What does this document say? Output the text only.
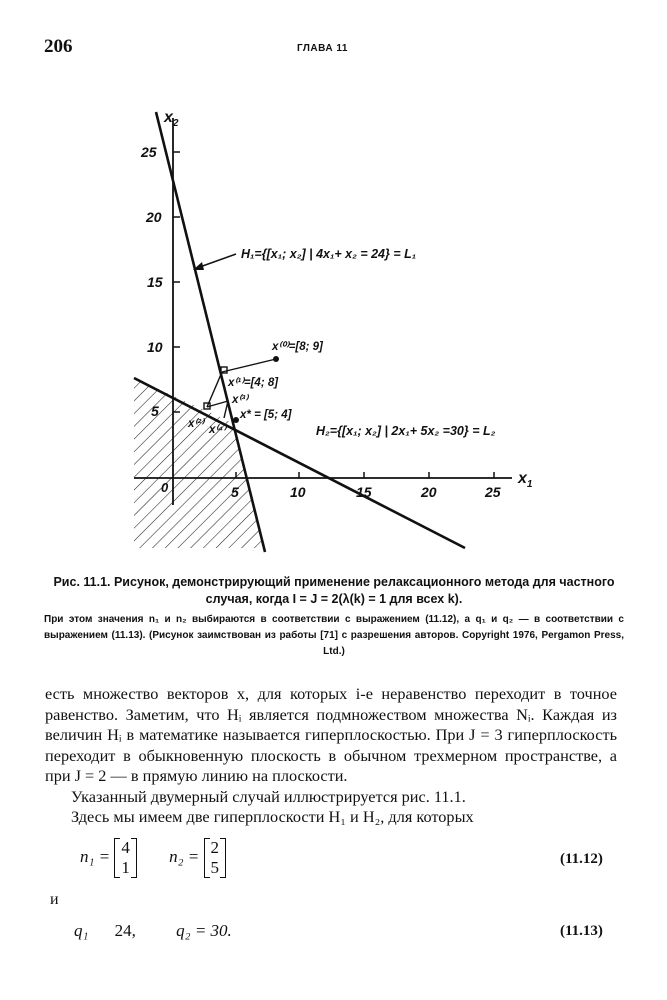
206	ГЛАВА 11
$x_2$
$x_1$
5	10	15	20	25
25
20
15
10
5
0
H₁={[x₁; x₂] | 4x₁+ x₂ = 24} = L₁
H₂={[x₁; x₂] | 2x₁+ 5x₂ =30} = L₂
x⁽⁰⁾=[8; 9]
x⁽¹⁾=[4; 8]
x⁽²⁾
x⁽³⁾
x⁽⁴⁾
x* = [5; 4]
Рис. 11.1. Рисунок, демонстрирующий применение релаксационного метода для частного случая, когда I = J = 2(λ(k) = 1 для всех k).
При этом значения n₁ и n₂ выбираются в соответствии с выражением (11.12), а q₁ и q₂ — в соответствии с выражением (11.13). (Рисунок заимствован из работы [71] с разрешения авторов. Copyright 1976, Pergamon Press, Ltd.)

есть множество векторов x, для которых i-е неравенство переходит в точное равенство. Заметим, что Hᵢ является подмножеством множества Nᵢ. Каждая из величин Hᵢ в математике называется гиперплоскостью. При J = 3 гиперплоскость переходит в обыкновенную плоскость в обычном трехмерном пространстве, а при J = 2 — в прямую линию на плоскости.

Указанный двумерный случай иллюстрируется рис. 11.1.

Здесь мы имеем две гиперплоскости H₁ и H₂, для которых

n₁ = 4
1 n₂ = 2
5	(11.12)
и
q₁ 24, q₂ = 30.	(11.13)
